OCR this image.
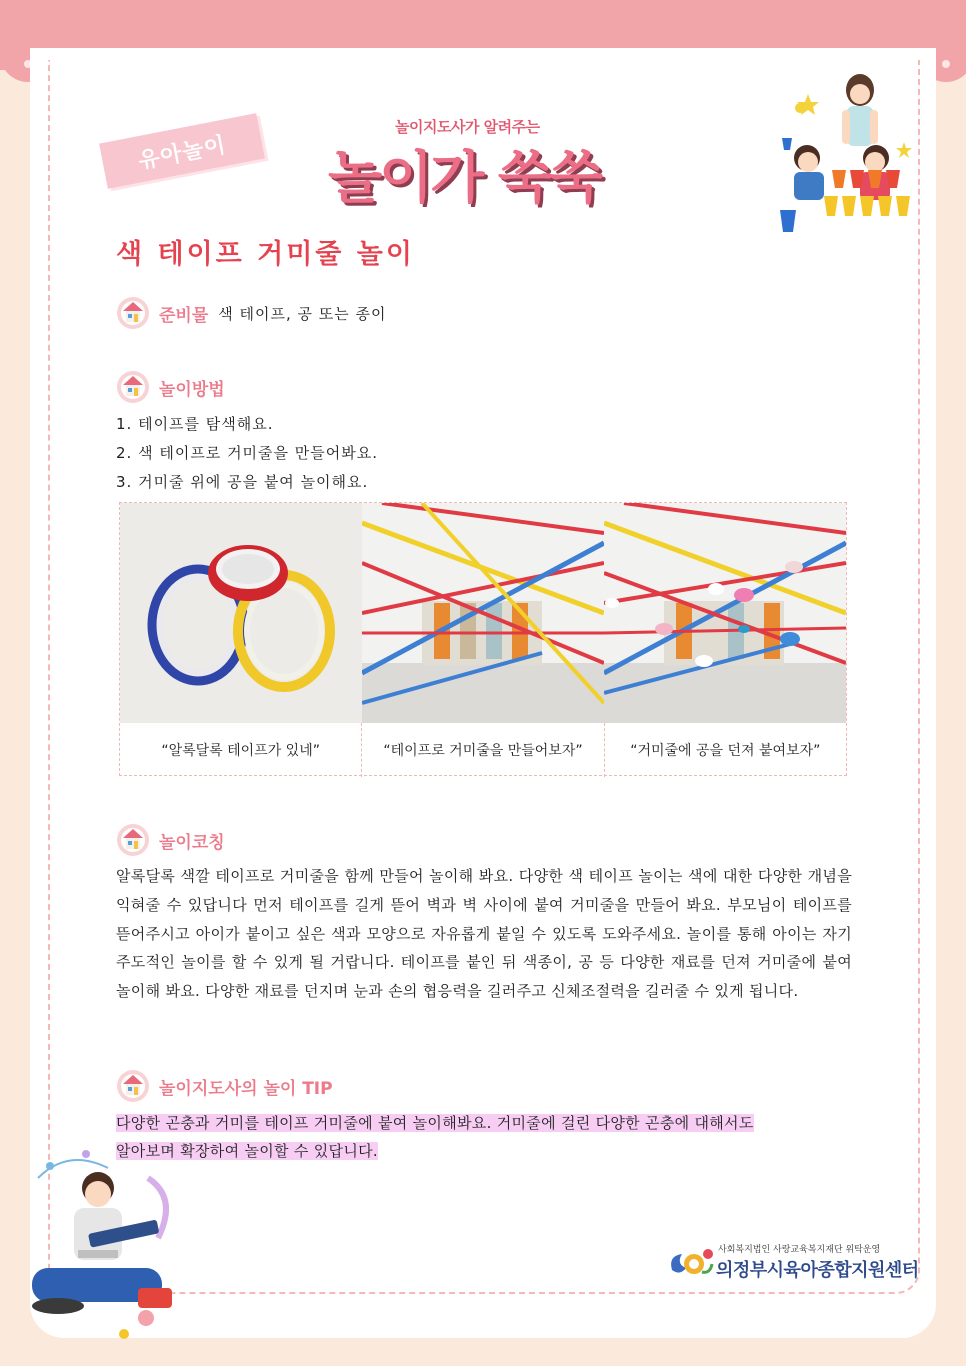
유아놀이
놀이지도사가 알려주는
놀이가 쑥쑥
색 테이프 거미줄 놀이
준비물 색 테이프, 공 또는 종이
놀이방법
1. 테이프를 탐색해요.
2. 색 테이프로 거미줄을 만들어봐요.
3. 거미줄 위에 공을 붙여 놀이해요.
“알록달록 테이프가 있네”	“테이프로 거미줄을 만들어보자”	“거미줄에 공을 던져 붙여보자”
놀이코칭

알록달록 색깔 테이프로 거미줄을 함께 만들어 놀이해 봐요. 다양한 색 테이프 놀이는 색에 대한 다양한 개념을 익혀줄 수 있답니다 먼저 테이프를 길게 뜯어 벽과 벽 사이에 붙여 거미줄을 만들어 봐요. 부모님이 테이프를 뜯어주시고 아이가 붙이고 싶은 색과 모양으로 자유롭게 붙일 수 있도록 도와주세요. 놀이를 통해 아이는 자기 주도적인 놀이를 할 수 있게 될 거랍니다. 테이프를 붙인 뒤 색종이, 공 등 다양한 재료를 던져 거미줄에 붙여 놀이해 봐요. 다양한 재료를 던지며 눈과 손의 협응력을 길러주고 신체조절력을 길러줄 수 있게 됩니다.

놀이지도사의 놀이 TIP
다양한 곤충과 거미를 테이프 거미줄에 붙여 놀이해봐요. 거미줄에 걸린 다양한 곤충에 대해서도
알아보며 확장하여 놀이할 수 있답니다.
사회복지법인 사랑교육복지재단 위탁운영
의정부시육아종합지원센터
